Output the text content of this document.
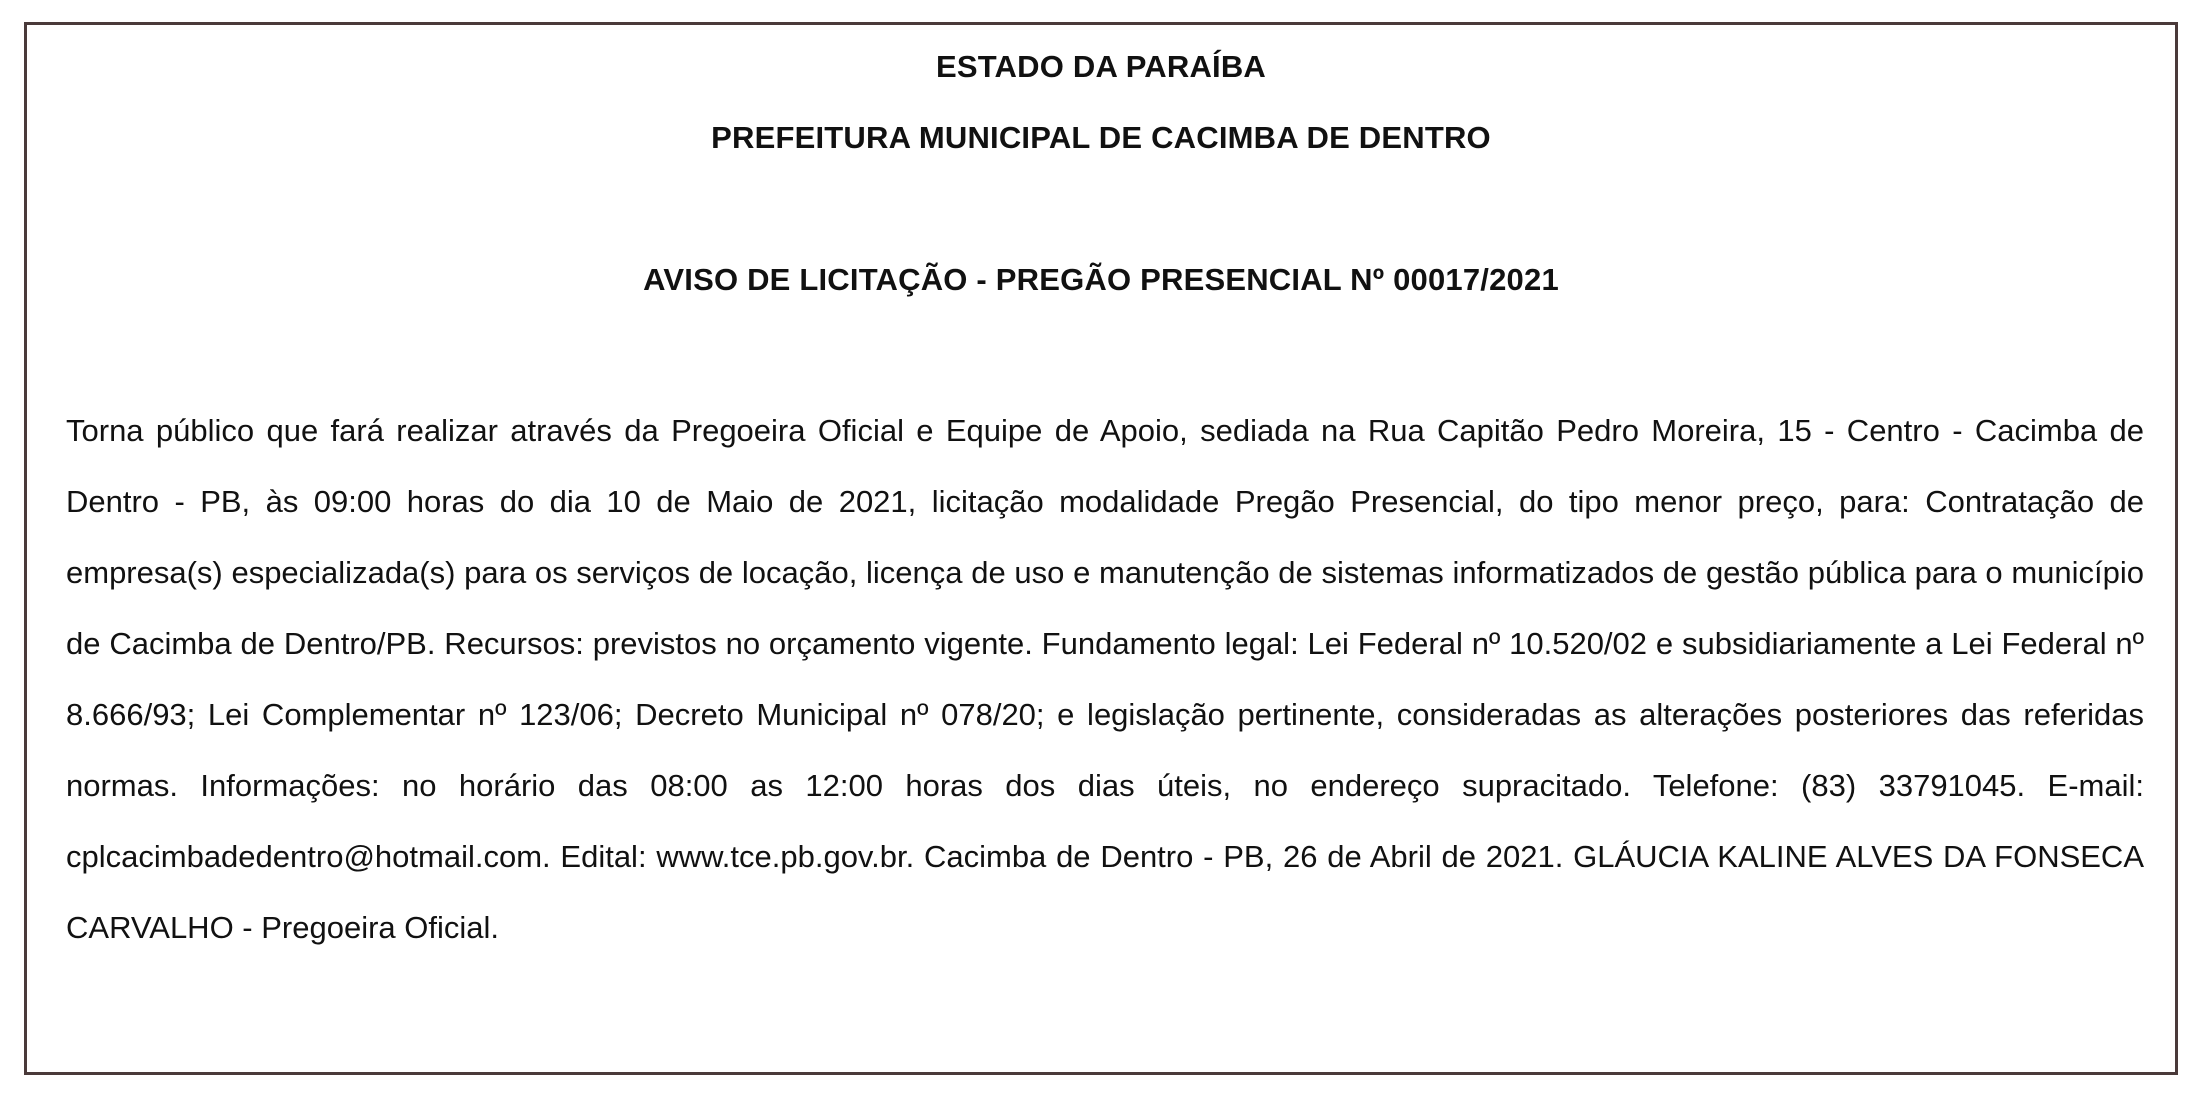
ESTADO DA PARAÍBA
PREFEITURA MUNICIPAL DE CACIMBA DE DENTRO
AVISO DE LICITAÇÃO - PREGÃO PRESENCIAL Nº 00017/2021
Torna público que fará realizar através da Pregoeira Oficial e Equipe de Apoio, sediada na Rua Capitão Pedro Moreira, 15 - Centro - Cacimba de Dentro - PB, às 09:00 horas do dia 10 de Maio de 2021, licitação modalidade Pregão Presencial, do tipo menor preço, para: Contratação de empresa(s) especializada(s) para os serviços de locação, licença de uso e manutenção de sistemas informatizados de gestão pública para o município de Cacimba de Dentro/PB. Recursos: previstos no orçamento vigente. Fundamento legal: Lei Federal nº 10.520/02 e subsidiariamente a Lei Federal nº 8.666/93; Lei Complementar nº 123/06; Decreto Municipal nº 078/20; e legislação pertinente, consideradas as alterações posteriores das referidas normas. Informações: no horário das 08:00 as 12:00 horas dos dias úteis, no endereço supracitado. Telefone: (83) 33791045. E-mail: cplcacimbadedentro@hotmail.com. Edital: www.tce.pb.gov.br. Cacimba de Dentro - PB, 26 de Abril de 2021. GLÁUCIA KALINE ALVES DA FONSECA CARVALHO - Pregoeira Oficial.
